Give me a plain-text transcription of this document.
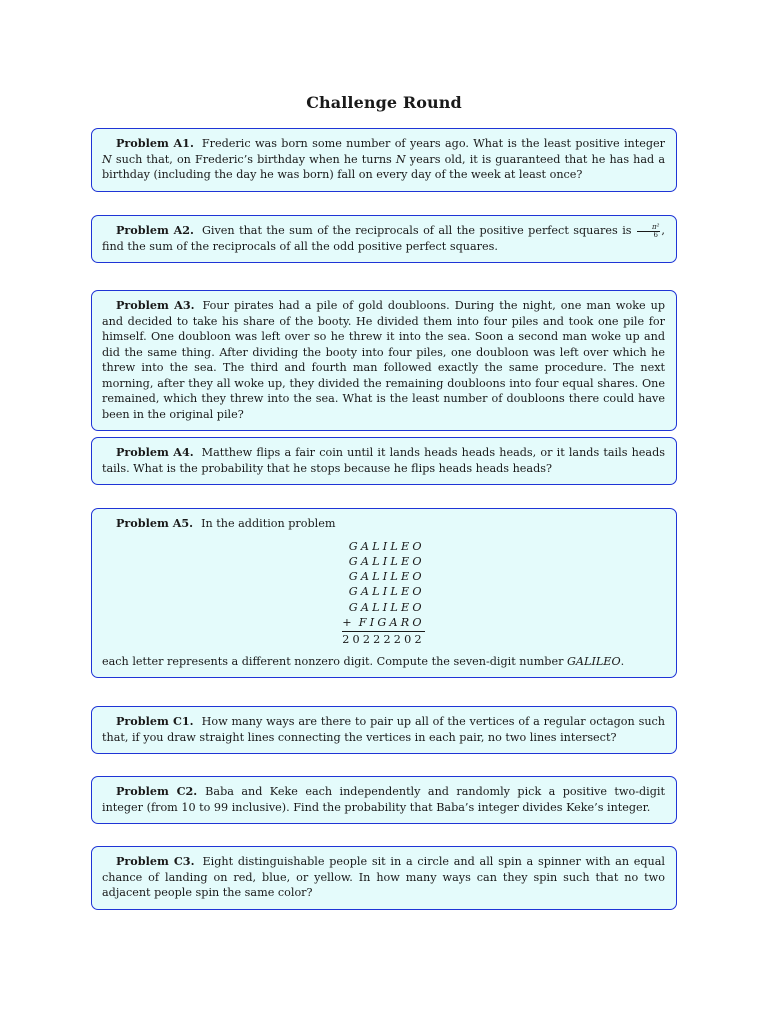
Challenge Round

Problem A1. Frederic was born some number of years ago. What is the least positive integer N such that, on Frederic’s birthday when he turns N years old, it is guaranteed that he has had a birthday (including the day he was born) fall on every day of the week at least once?

Problem A2. Given that the sum of the reciprocals of all the positive perfect squares is $\frac{\text{π²}}{6}$ , find the sum of the reciprocals of all the odd positive perfect squares.

Problem A3. Four pirates had a pile of gold doubloons. During the night, one man woke up and decided to take his share of the booty. He divided them into four piles and took one pile for himself. One doubloon was left over so he threw it into the sea. Soon a second man woke up and did the same thing. After dividing the booty into four piles, one doubloon was left over which he threw into the sea. The third and fourth man followed exactly the same procedure. The next morning, after they all woke up, they divided the remaining doubloons into four equal shares. One remained, which they threw into the sea. What is the least number of doubloons there could have been in the original pile?

Problem A4. Matthew flips a fair coin until it lands heads heads heads, or it lands tails heads tails. What is the probability that he stops because he flips heads heads heads?

Problem A5. In the addition problem

GALILEO
GALILEO
GALILEO
GALILEO
GALILEO
+ FIGARO
20222202

each letter represents a different nonzero digit. Compute the seven-digit number GALILEO.

Problem C1. How many ways are there to pair up all of the vertices of a regular octagon such that, if you draw straight lines connecting the vertices in each pair, no two lines intersect?

Problem C2. Baba and Keke each independently and randomly pick a positive two-digit integer (from 10 to 99 inclusive). Find the probability that Baba’s integer divides Keke’s integer.

Problem C3. Eight distinguishable people sit in a circle and all spin a spinner with an equal chance of landing on red, blue, or yellow. In how many ways can they spin such that no two adjacent people spin the same color?
